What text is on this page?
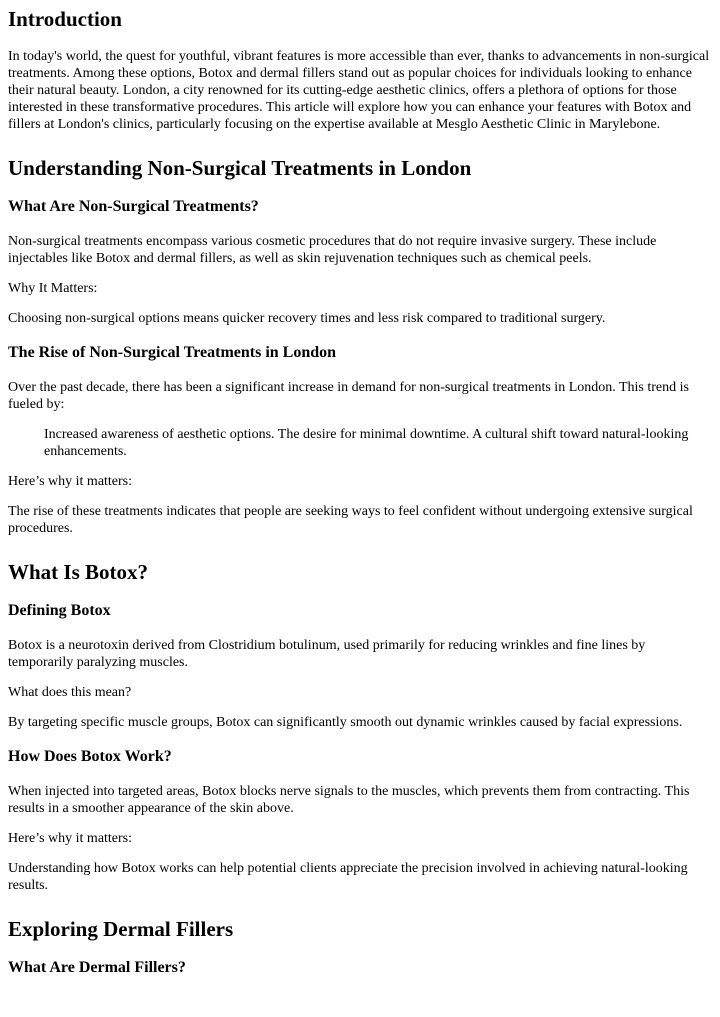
Introduction

In today's world, the quest for youthful, vibrant features is more accessible than ever, thanks to advancements in non-surgical treatments. Among these options, Botox and dermal fillers stand out as popular choices for individuals looking to enhance their natural beauty. London, a city renowned for its cutting-edge aesthetic clinics, offers a plethora of options for those interested in these transformative procedures. This article will explore how you can enhance your features with Botox and fillers at London's clinics, particularly focusing on the expertise available at Mesglo Aesthetic Clinic in Marylebone.

Understanding Non-Surgical Treatments in London
What Are Non-Surgical Treatments?

Non-surgical treatments encompass various cosmetic procedures that do not require invasive surgery. These include injectables like Botox and dermal fillers, as well as skin rejuvenation techniques such as chemical peels.

Why It Matters:

Choosing non-surgical options means quicker recovery times and less risk compared to traditional surgery.

The Rise of Non-Surgical Treatments in London

Over the past decade, there has been a significant increase in demand for non-surgical treatments in London. This trend is fueled by:

Increased awareness of aesthetic options. The desire for minimal downtime. A cultural shift toward natural-looking enhancements.

Here’s why it matters:

The rise of these treatments indicates that people are seeking ways to feel confident without undergoing extensive surgical procedures.

What Is Botox?
Defining Botox

Botox is a neurotoxin derived from Clostridium botulinum, used primarily for reducing wrinkles and fine lines by temporarily paralyzing muscles.

What does this mean?

By targeting specific muscle groups, Botox can significantly smooth out dynamic wrinkles caused by facial expressions.

How Does Botox Work?

When injected into targeted areas, Botox blocks nerve signals to the muscles, which prevents them from contracting. This results in a smoother appearance of the skin above.

Here’s why it matters:

Understanding how Botox works can help potential clients appreciate the precision involved in achieving natural-looking results.

Exploring Dermal Fillers
What Are Dermal Fillers?
